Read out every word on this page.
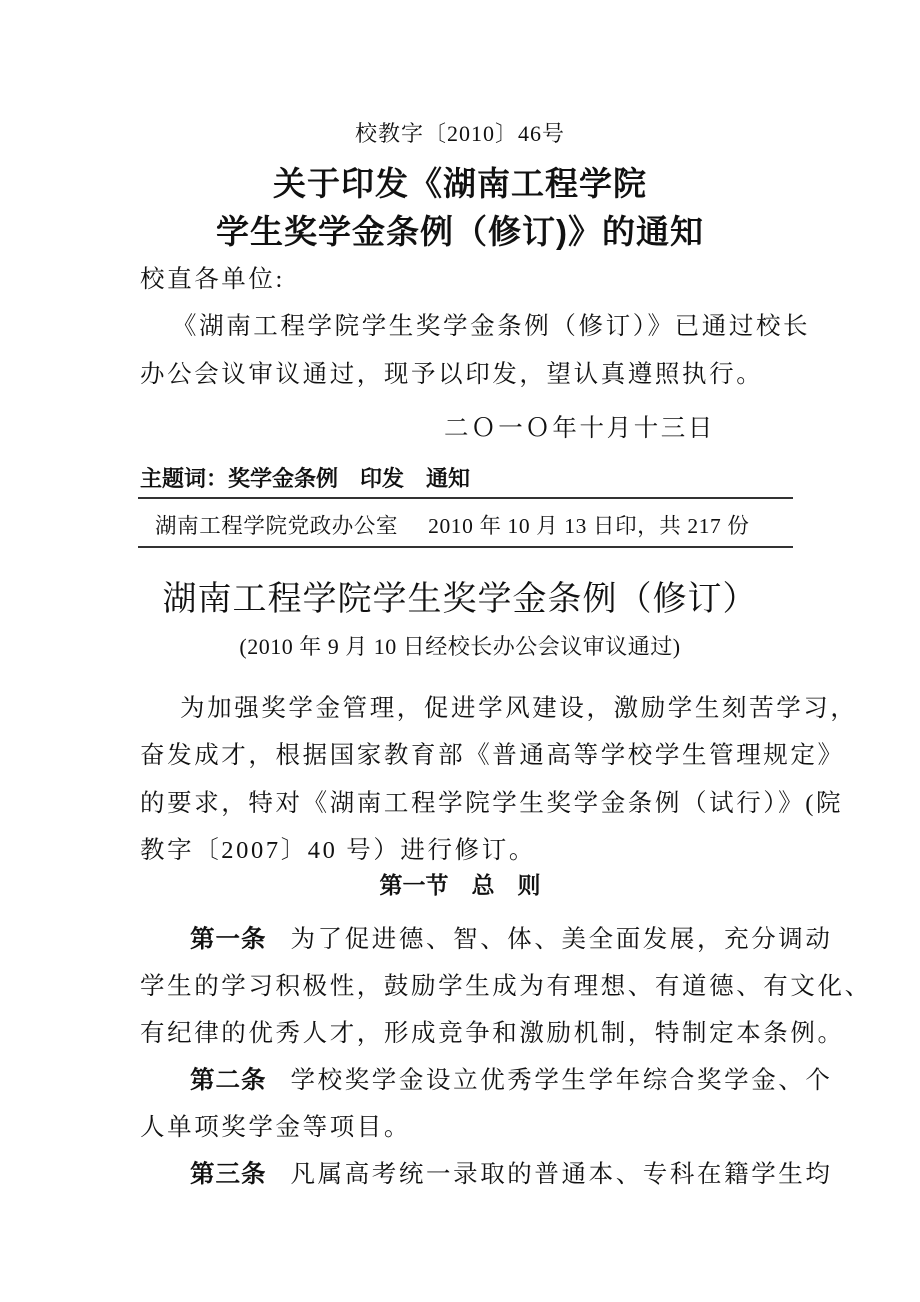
校教字〔2010〕46号
关于印发《湖南工程学院
学生奖学金条例（修订)》的通知
校直各单位:
《湖南工程学院学生奖学金条例（修订）》已通过校长
办公会议审议通过，现予以印发，望认真遵照执行。
二Ｏ一Ｏ年十月十三日
主题词：奖学金条例 印发 通知
湖南工程学院党政办公室 2010 年 10 月 13 日印，共 217 份
湖南工程学院学生奖学金条例（修订）
(2010 年 9 月 10 日经校长办公会议审议通过)
为加强奖学金管理，促进学风建设，激励学生刻苦学习，
奋发成才，根据国家教育部《普通高等学校学生管理规定》
的要求，特对《湖南工程学院学生奖学金条例（试行）》(院
教字〔2007〕40 号）进行修订。
第一节　总　则
第一条 为了促进德、智、体、美全面发展，充分调动
学生的学习积极性，鼓励学生成为有理想、有道德、有文化、
有纪律的优秀人才，形成竞争和激励机制，特制定本条例。
第二条 学校奖学金设立优秀学生学年综合奖学金、个
人单项奖学金等项目。
第三条 凡属高考统一录取的普通本、专科在籍学生均
